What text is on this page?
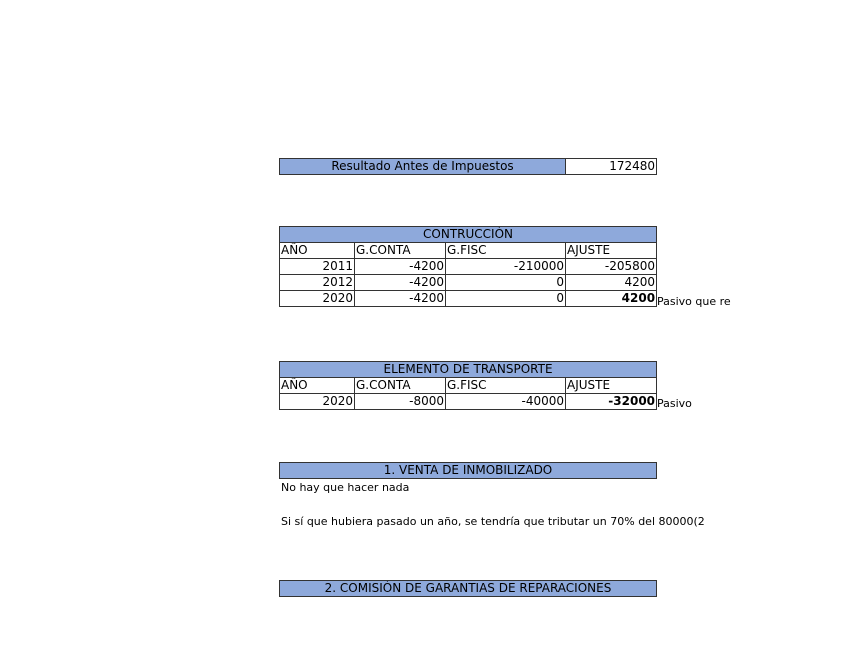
Resultado Antes de Impuestos	172480
CONTRUCCIÓN			
AÑO	G.CONTA	G.FISC	AJUSTE
2011	-4200	-210000	-205800
2012	-4200	0	4200
2020	-4200	0	4200 Pasivo que re
ELEMENTO DE TRANSPORTE			
AÑO	G.CONTA	G.FISC	AJUSTE
2020	-8000	-40000	-32000 Pasivo
1. VENTA DE INMOBILIZADO
No hay que hacer nada
Si sí que hubiera pasado un año, se tendría que tributar un 70% del 80000(2
2. COMISIÓN DE GARANTIAS DE REPARACIONES
